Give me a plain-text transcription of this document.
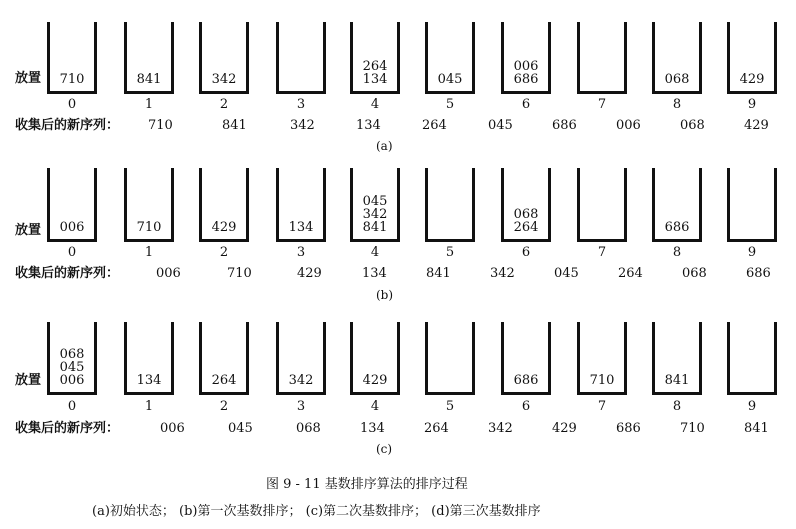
放置	710
0
841
1
342
2	3
264
134
4
045
5
006
686
6	7
068
8
429
9
收集后的新序列： 710	841	342	134	264	045	686	006	068	429
(a)
放置	006
0
710
1
429
2
134
3
045
342
841
4	5
068
264
6	7
686
8	9
收集后的新序列：	006	710	429	134	841	342	045	264	068	686
(b)
放置
068
045
006
0
134
1
264
2
342
3
429
4	5
686
6
710
7
841
8	9
收集后的新序列：	006	045	068	134	264	342	429	686	710	841
(c)
图 9 - 11 基数排序算法的排序过程
(a)初始状态； (b)第一次基数排序； (c)第二次基数排序； (d)第三次基数排序
